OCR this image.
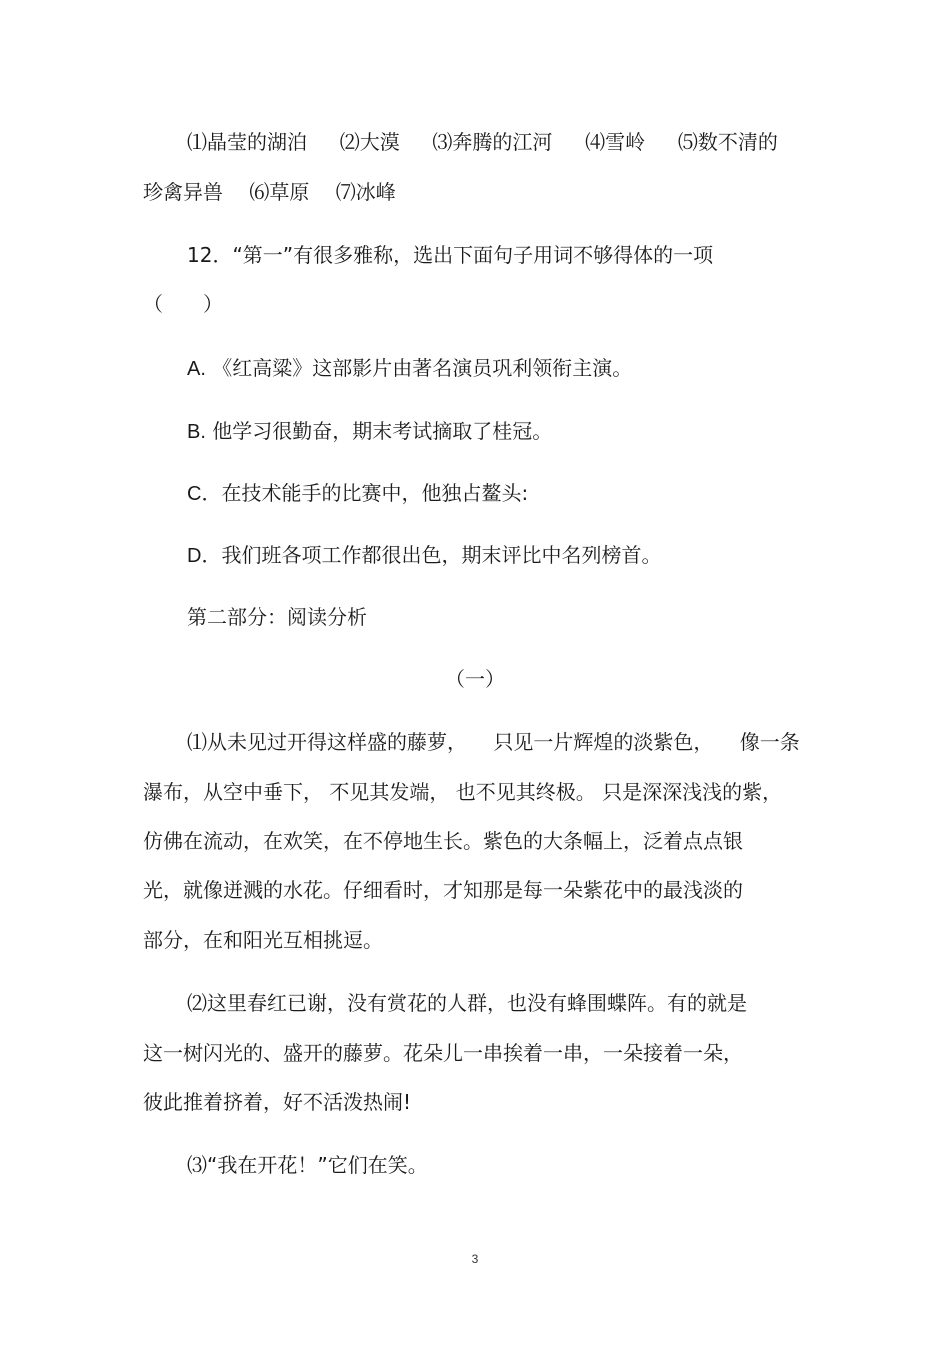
⑴晶莹的湖泊 　 ⑵大漠 　 ⑶奔腾的江河 　 ⑷雪岭 　 ⑸数不清的

珍禽异兽 　⑹草原 　⑺冰峰

12．“第一”有很多雅称，选出下面句子用词不够得体的一项

（　　）

A. 《红高粱》这部影片由著名演员巩利领衔主演。

B. 他学习很勤奋，期末考试摘取了桂冠。

C．在技术能手的比赛中，他独占鳌头:

D．我们班各项工作都很出色，期末评比中名列榜首。

第二部分：阅读分析

（一）

⑴从未见过开得这样盛的藤萝， 　只见一片辉煌的淡紫色， 　像一条

瀑布，从空中垂下， 不见其发端， 也不见其终极。 只是深深浅浅的紫，

仿佛在流动，在欢笑，在不停地生长。紫色的大条幅上，泛着点点银

光，就像迸溅的水花。仔细看时，才知那是每一朵紫花中的最浅淡的

部分，在和阳光互相挑逗。

⑵这里春红已谢，没有赏花的人群，也没有蜂围蝶阵。有的就是

这一树闪光的、盛开的藤萝。花朵儿一串挨着一串，一朵接着一朵，

彼此推着挤着，好不活泼热闹!

⑶“我在开花！”它们在笑。

3
